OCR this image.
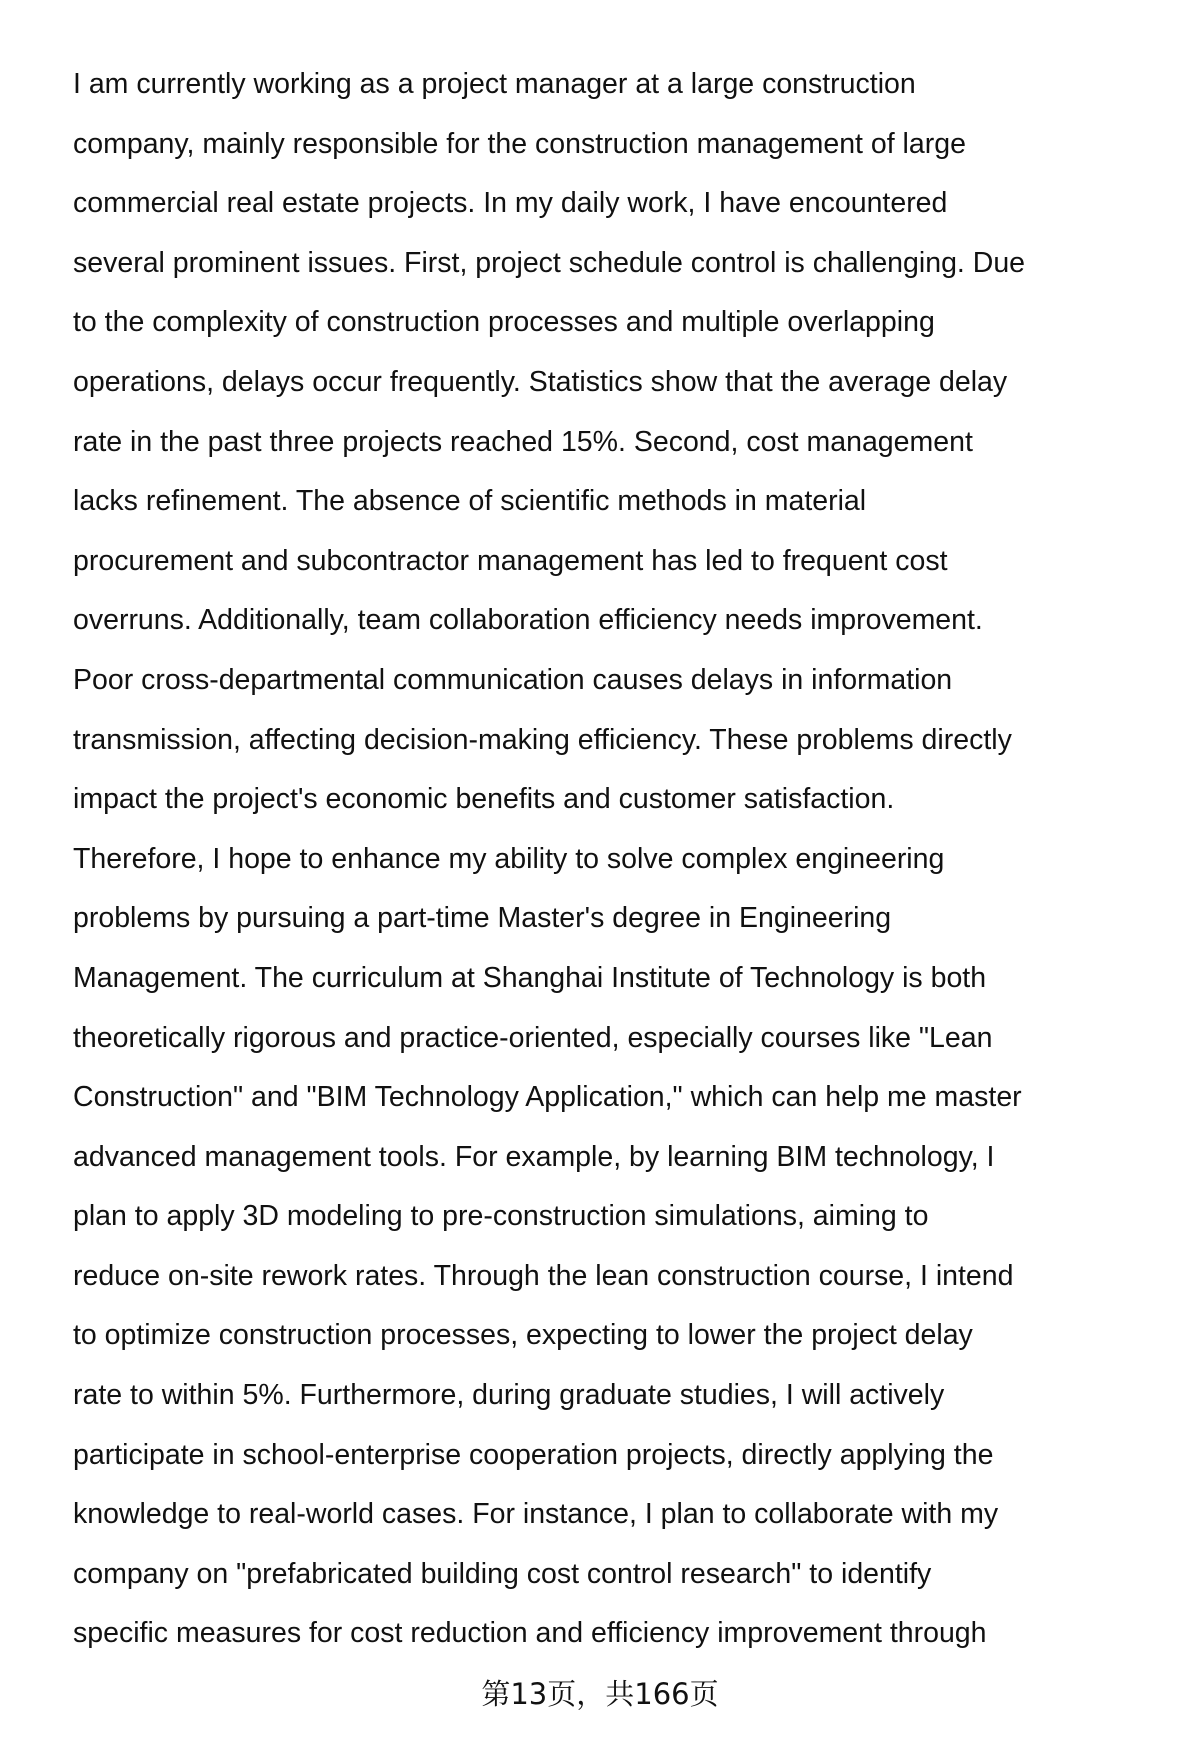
I am currently working as a project manager at a large construction
company, mainly responsible for the construction management of large
commercial real estate projects. In my daily work, I have encountered
several prominent issues. First, project schedule control is challenging. Due
to the complexity of construction processes and multiple overlapping
operations, delays occur frequently. Statistics show that the average delay
rate in the past three projects reached 15%. Second, cost management
lacks refinement. The absence of scientific methods in material
procurement and subcontractor management has led to frequent cost
overruns. Additionally, team collaboration efficiency needs improvement.
Poor cross-departmental communication causes delays in information
transmission, affecting decision-making efficiency. These problems directly
impact the project's economic benefits and customer satisfaction.
Therefore, I hope to enhance my ability to solve complex engineering
problems by pursuing a part-time Master's degree in Engineering
Management. The curriculum at Shanghai Institute of Technology is both
theoretically rigorous and practice-oriented, especially courses like "Lean
Construction" and "BIM Technology Application," which can help me master
advanced management tools. For example, by learning BIM technology, I
plan to apply 3D modeling to pre-construction simulations, aiming to
reduce on-site rework rates. Through the lean construction course, I intend
to optimize construction processes, expecting to lower the project delay
rate to within 5%. Furthermore, during graduate studies, I will actively
participate in school-enterprise cooperation projects, directly applying the
knowledge to real-world cases. For instance, I plan to collaborate with my
company on "prefabricated building cost control research" to identify
specific measures for cost reduction and efficiency improvement through
第13页，共166页
